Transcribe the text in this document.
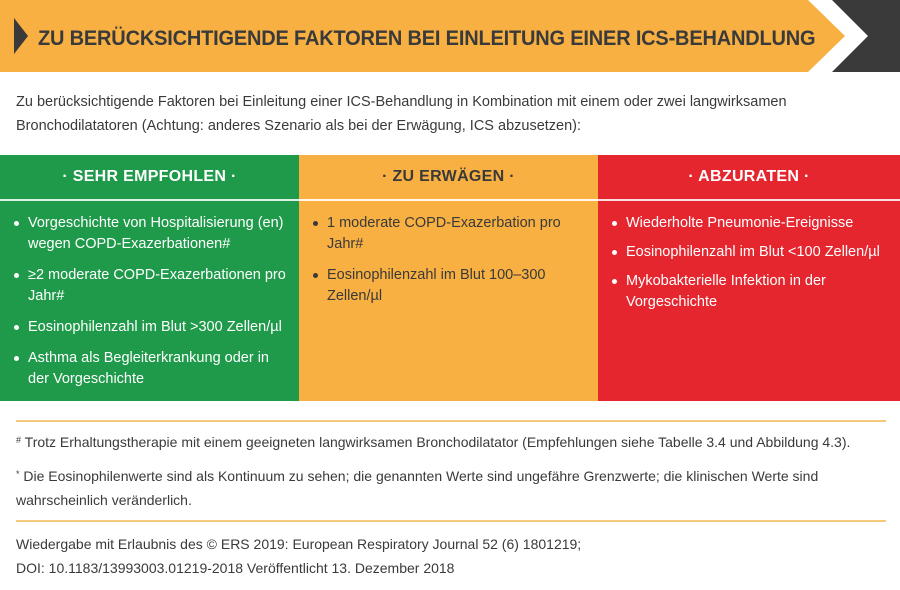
ZU BERÜCKSICHTIGENDE FAKTOREN BEI EINLEITUNG EINER ICS-BEHANDLUNG
Zu berücksichtigende Faktoren bei Einleitung einer ICS-Behandlung in Kombination mit einem oder zwei langwirksamen
Bronchodilatatoren (Achtung: anderes Szenario als bei der Erwägung, ICS abzusetzen):
· SEHR EMPFOHLEN ·
Vorgeschichte von Hospitalisierung (en) wegen COPD-Exazerbationen#
≥2 moderate COPD-Exazerbationen pro Jahr#
Eosinophilenzahl im Blut >300 Zellen/µl
Asthma als Begleiterkrankung oder in der Vorgeschichte
· ZU ERWÄGEN ·
1 moderate COPD-Exazerbation pro Jahr#
Eosinophilenzahl im Blut 100–300 Zellen/µl
· ABZURATEN ·
Wiederholte Pneumonie-Ereignisse
Eosinophilenzahl im Blut <100 Zellen/µl
Mykobakterielle Infektion in der Vorgeschichte
# Trotz Erhaltungstherapie mit einem geeigneten langwirksamen Bronchodilatator (Empfehlungen siehe Tabelle 3.4 und Abbildung 4.3).
* Die Eosinophilenwerte sind als Kontinuum zu sehen; die genannten Werte sind ungefähre Grenzwerte; die klinischen Werte sind
wahrscheinlich veränderlich.
Wiedergabe mit Erlaubnis des © ERS 2019: European Respiratory Journal 52 (6) 1801219;
DOI: 10.1183/13993003.01219-2018 Veröffentlicht 13. Dezember 2018
